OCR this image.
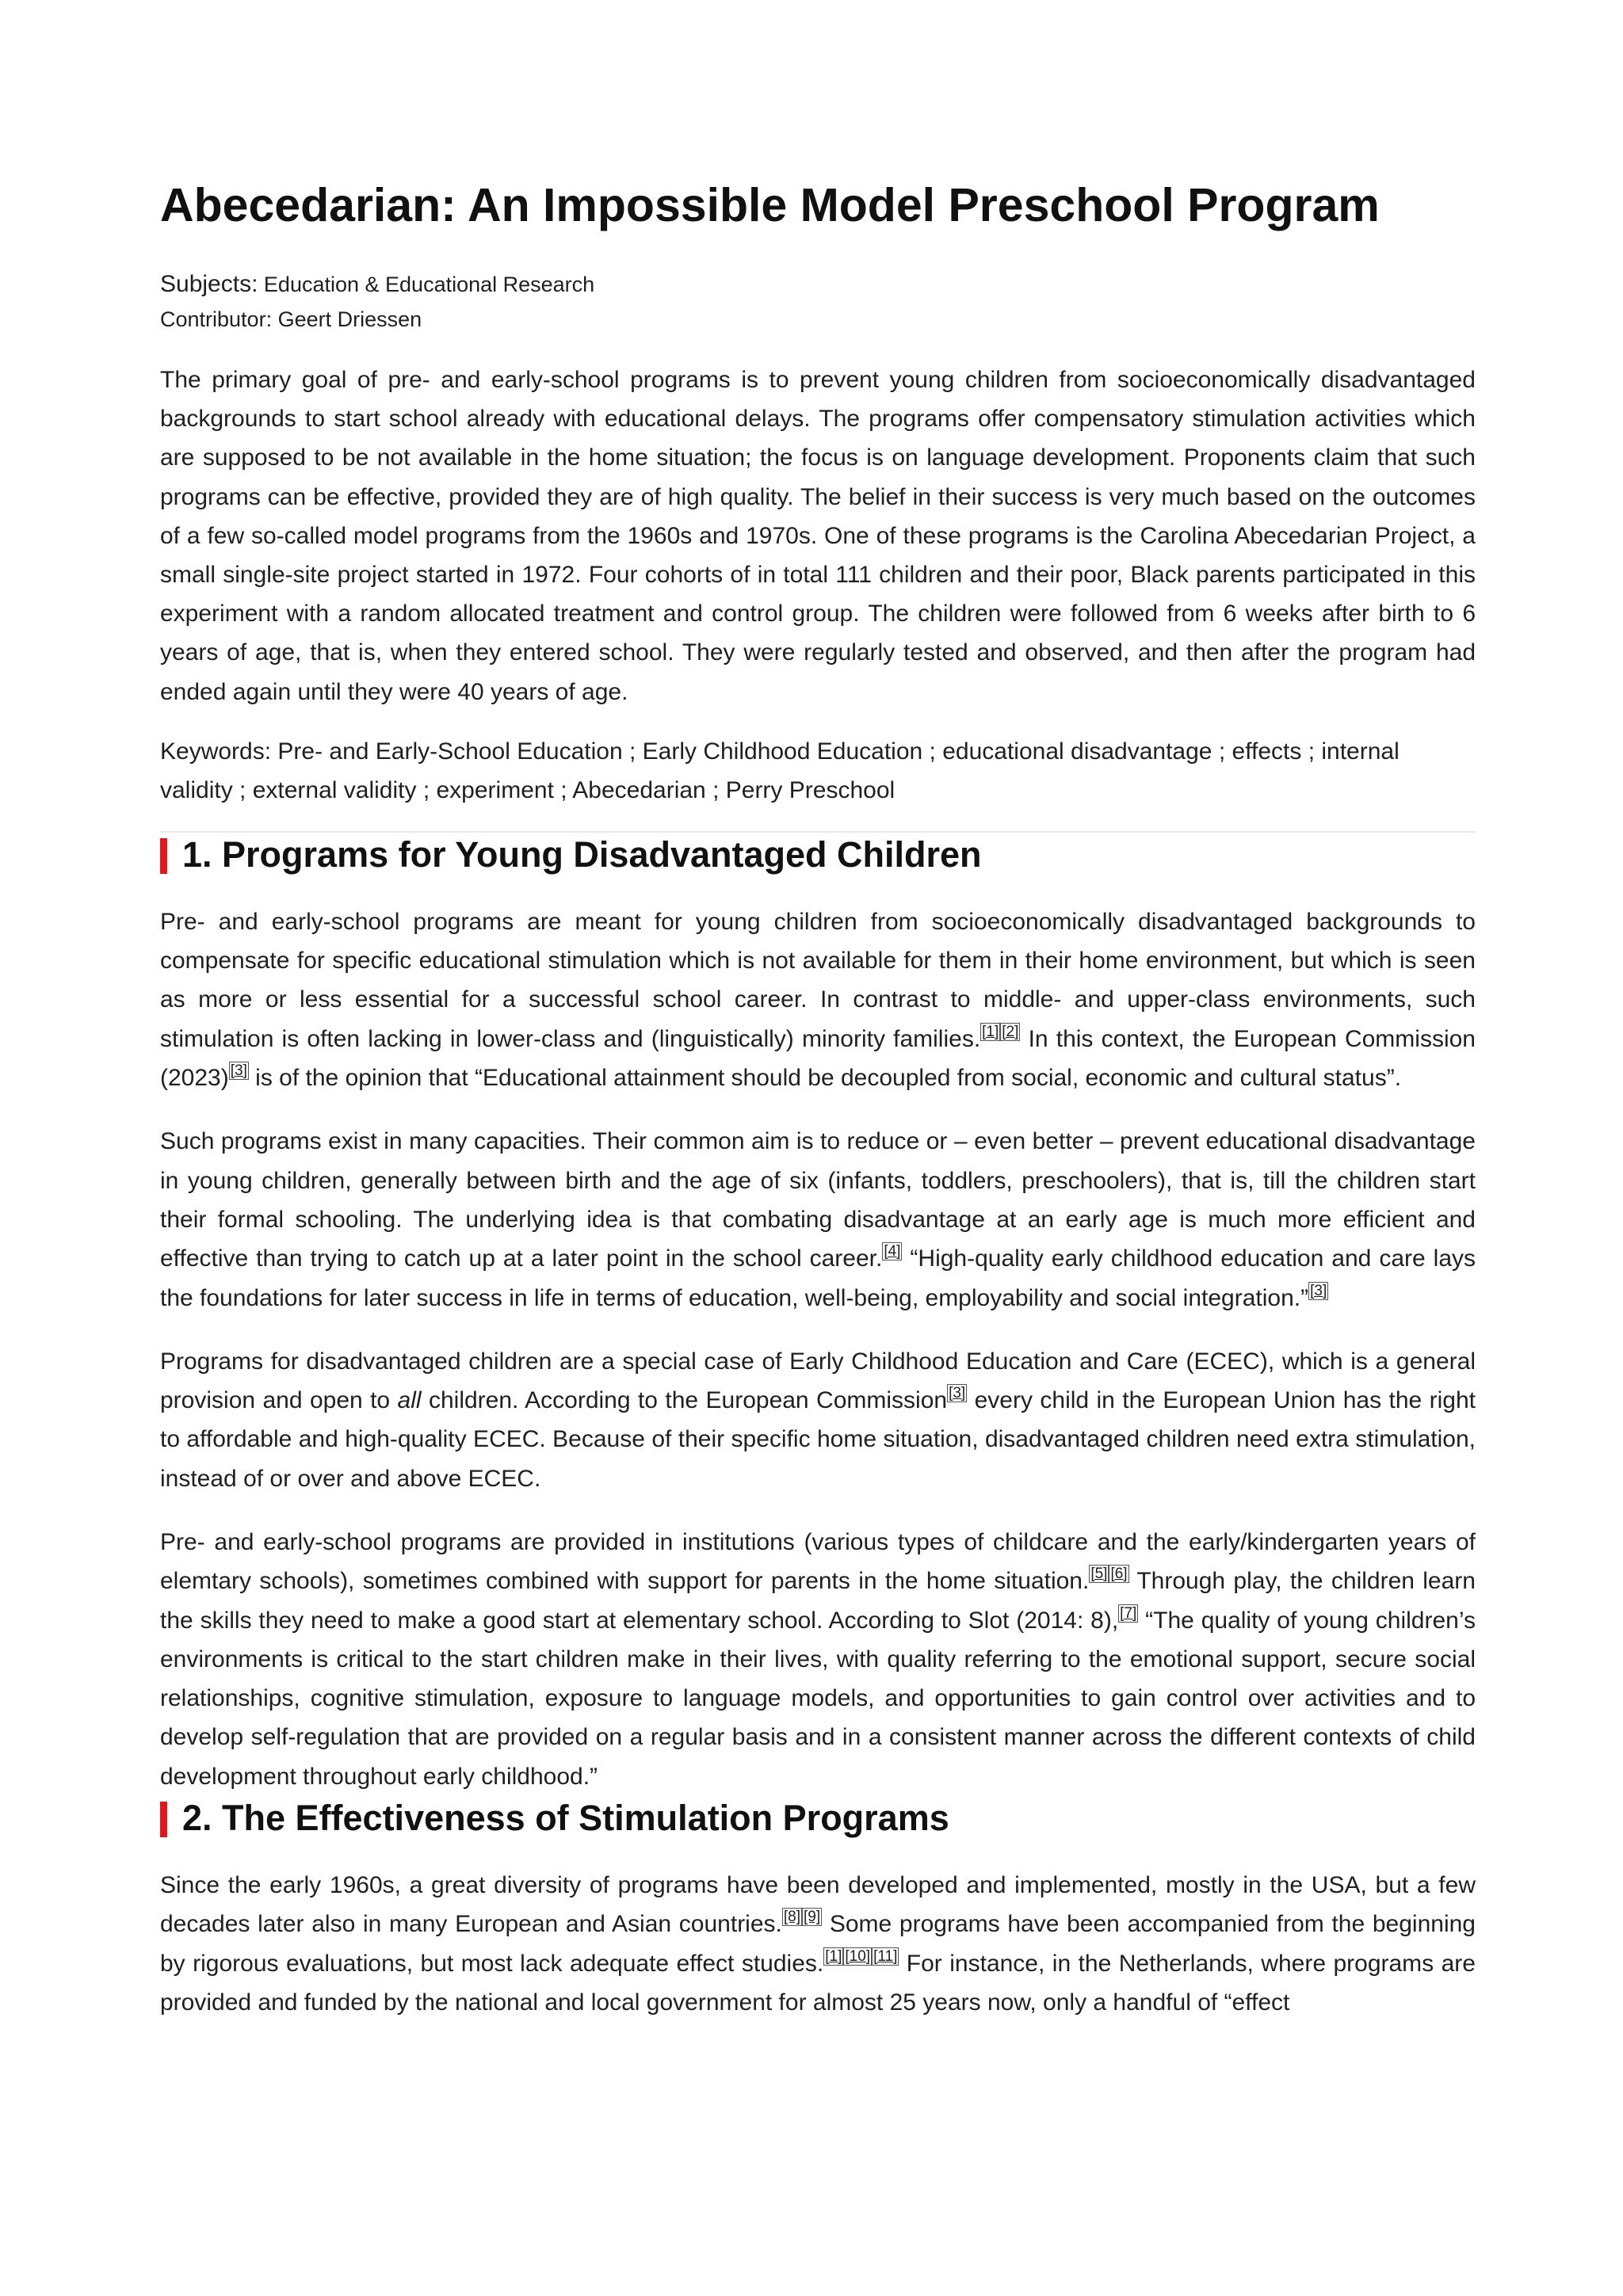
Abecedarian: An Impossible Model Preschool Program
Subjects: Education & Educational Research
Contributor: Geert Driessen

The primary goal of pre- and early-school programs is to prevent young children from socioeconomically disadvantaged backgrounds to start school already with educational delays. The programs offer compensatory stimulation activities which are supposed to be not available in the home situation; the focus is on language development. Proponents claim that such programs can be effective, provided they are of high quality. The belief in their success is very much based on the outcomes of a few so-called model programs from the 1960s and 1970s. One of these programs is the Carolina Abecedarian Project, a small single-site project started in 1972. Four cohorts of in total 111 children and their poor, Black parents participated in this experiment with a random allocated treatment and control group. The children were followed from 6 weeks after birth to 6 years of age, that is, when they entered school. They were regularly tested and observed, and then after the program had ended again until they were 40 years of age.

Keywords: Pre- and Early-School Education ; Early Childhood Education ; educational disadvantage ; effects ; internal validity ; external validity ; experiment ; Abecedarian ; Perry Preschool
1. Programs for Young Disadvantaged Children

Pre- and early-school programs are meant for young children from socioeconomically disadvantaged backgrounds to compensate for specific educational stimulation which is not available for them in their home environment, but which is seen as more or less essential for a successful school career. In contrast to middle- and upper-class environments, such stimulation is often lacking in lower-class and (linguistically) minority families. [1] [2] In this context, the European Commission (2023) [3] is of the opinion that “Educational attainment should be decoupled from social, economic and cultural status”.

Such programs exist in many capacities. Their common aim is to reduce or – even better – prevent educational disadvantage in young children, generally between birth and the age of six (infants, toddlers, preschoolers), that is, till the children start their formal schooling. The underlying idea is that combating disadvantage at an early age is much more efficient and effective than trying to catch up at a later point in the school career. [4] “High-quality early childhood education and care lays the foundations for later success in life in terms of education, well-being, employability and social integration.” [3]

Programs for disadvantaged children are a special case of Early Childhood Education and Care (ECEC), which is a general provision and open to all children. According to the European Commission [3] every child in the European Union has the right to affordable and high-quality ECEC. Because of their specific home situation, disadvantaged children need extra stimulation, instead of or over and above ECEC.

Pre- and early-school programs are provided in institutions (various types of childcare and the early/kindergarten years of elemtary schools), sometimes combined with support for parents in the home situation. [5] [6] Through play, the children learn the skills they need to make a good start at elementary school. According to Slot (2014: 8), [7] “The quality of young children’s environments is critical to the start children make in their lives, with quality referring to the emotional support, secure social relationships, cognitive stimulation, exposure to language models, and opportunities to gain control over activities and to develop self-regulation that are provided on a regular basis and in a consistent manner across the different contexts of child development throughout early childhood.”

2. The Effectiveness of Stimulation Programs

Since the early 1960s, a great diversity of programs have been developed and implemented, mostly in the USA, but a few decades later also in many European and Asian countries. [8] [9] Some programs have been accompanied from the beginning by rigorous evaluations, but most lack adequate effect studies. [1] [10] [11] For instance, in the Netherlands, where programs are provided and funded by the national and local government for almost 25 years now, only a handful of “effect
